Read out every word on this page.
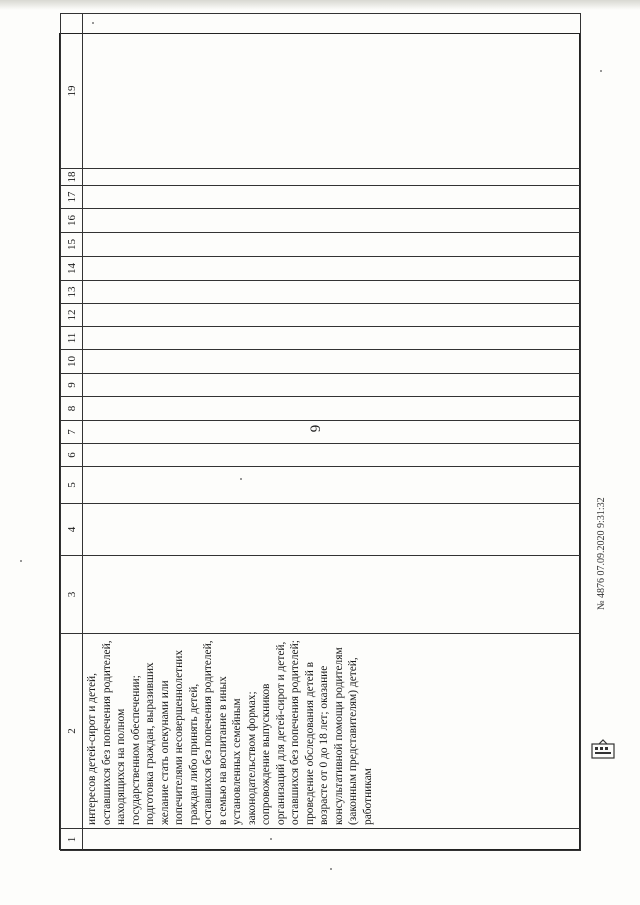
6
1	2	3	4	5	6	7	8	9	10	11	12	13	14	15	16	17	18	19

	интересов детей-сирот и детей, оставшихся без попечения родителей, находящихся на полном государственном обеспечении; подготовка граждан, выразивших желание стать опекунами или попечителями несовершеннолетних граждан либо принять детей, оставшихся без попечения родителей, в семью на воспитание в иных установленных семейным законодательством формах; сопровождение выпускников организаций для детей-сирот и детей, оставшихся без попечения родителей; проведение обследования детей в возрасте от 0 до 18 лет; оказание консультативной помощи родителям (законным представителям) детей, работникам																	

№ 4876 07.09.2020 9:31:32
